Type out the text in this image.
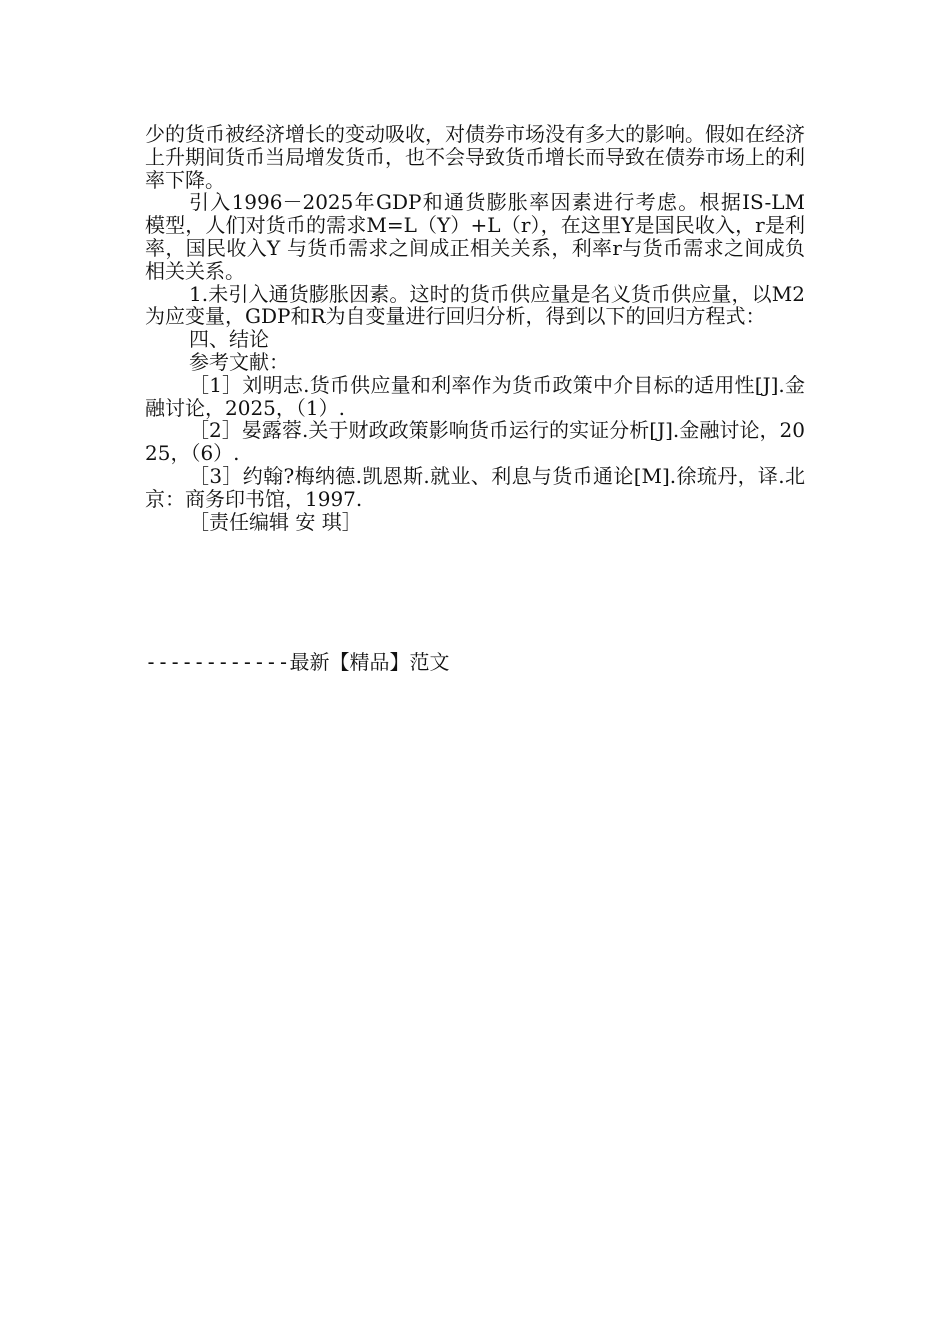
少的货币被经济增长的变动吸收，对债券市场没有多大的影响。假如在经济上升期间货币当局增发货币，也不会导致货币增长而导致在债券市场上的利率下降。

引入1996－2025年GDP和通货膨胀率因素进行考虑。根据IS-LM 模型，人们对货币的需求M=L（Y）+L（r），在这里Y是国民收入，r是利率，国民收入Y 与货币需求之间成正相关关系，利率r与货币需求之间成负相关关系。

1.未引入通货膨胀因素。这时的货币供应量是名义货币供应量，以M2为应变量，GDP和R为自变量进行回归分析，得到以下的回归方程式：

四、结论

参考文献：

［1］刘明志.货币供应量和利率作为货币政策中介目标的适用性[J].金融讨论，2025，（1）.

［2］晏露蓉.关于财政政策影响货币运行的实证分析[J].金融讨论，2025，（6）.

［3］约翰?梅纳德.凯恩斯.就业、利息与货币通论[M].徐琉丹，译.北京：商务印书馆，1997.

［责任编辑 安 琪］

------------最新【精品】范文
